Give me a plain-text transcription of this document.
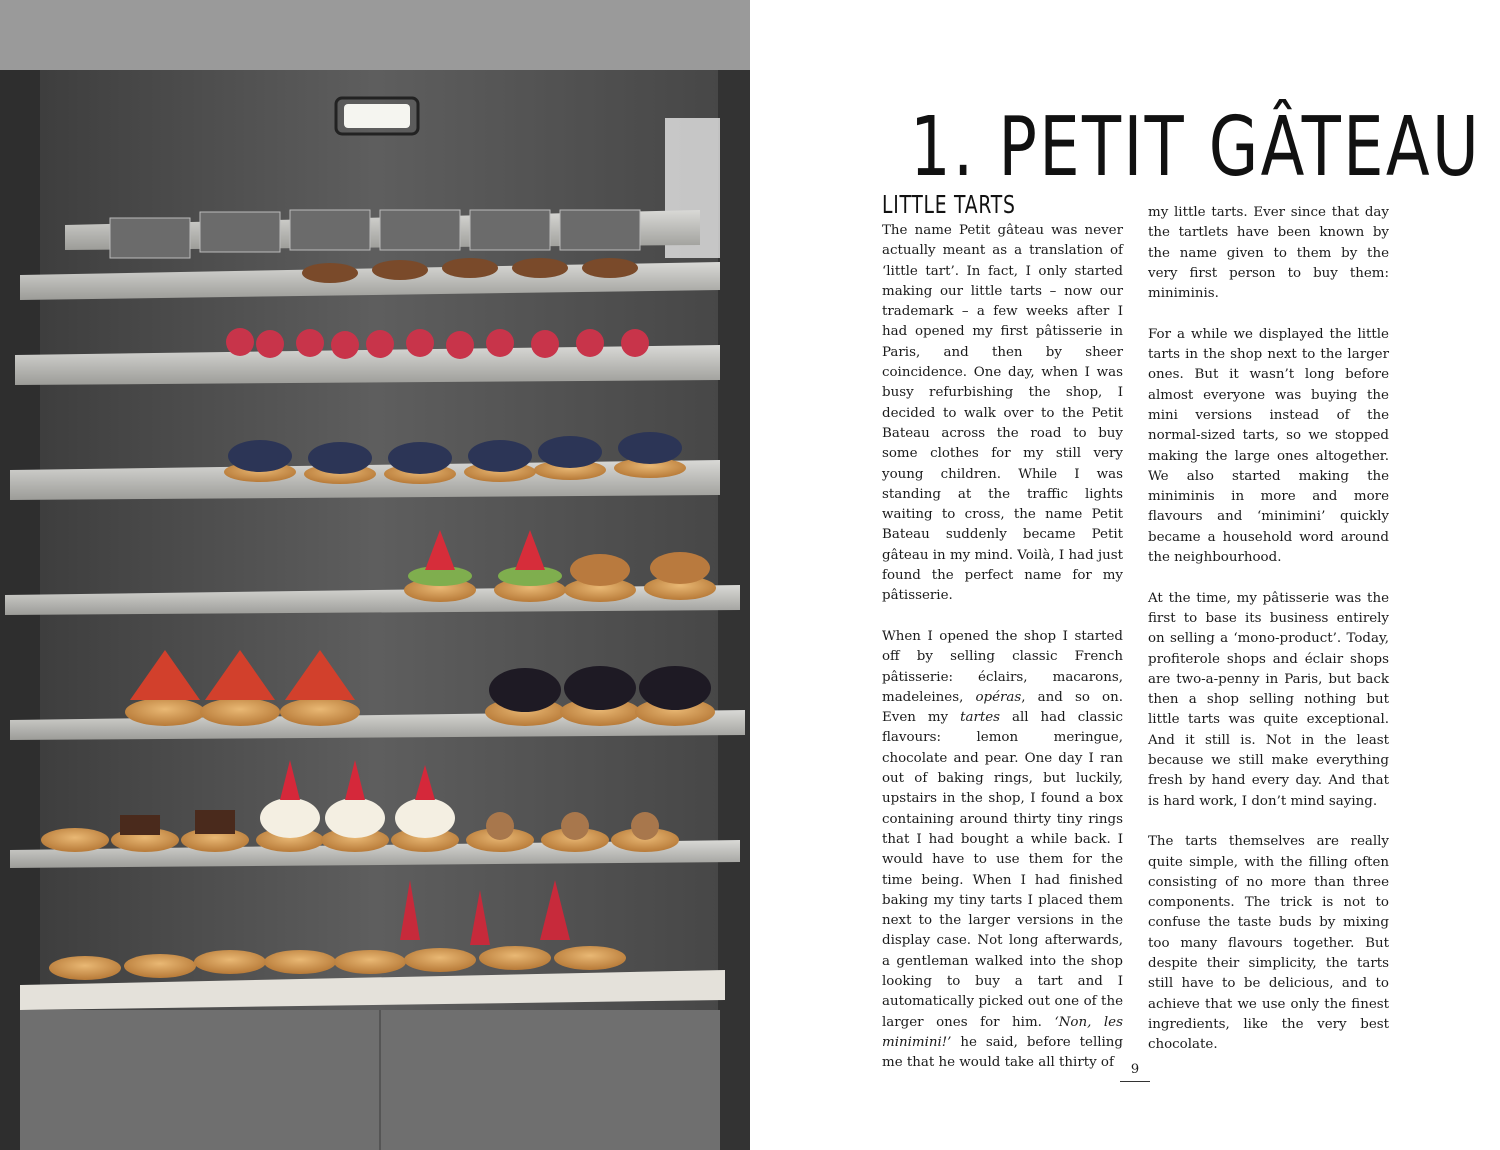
1. PETIT GÂTEAU
LITTLE TARTS

The name Petit gâteau was never actually meant as a translation of ‘little tart’. In fact, I only started making our little tarts – now our trademark – a few weeks after I had opened my first pâtisserie in Paris, and then by sheer coincidence. One day, when I was busy refurbishing the shop, I decided to walk over to the Petit Bateau across the road to buy some clothes for my still very young children. While I was standing at the traffic lights waiting to cross, the name Petit Bateau suddenly became Petit gâteau in my mind. Voilà, I had just found the perfect name for my pâtisserie.

When I opened the shop I started off by selling classic French pâtisserie: éclairs, macarons, madeleines, opéras, and so on. Even my tartes all had classic flavours: lemon meringue, chocolate and pear. One day I ran out of baking rings, but luckily, upstairs in the shop, I found a box containing around thirty tiny rings that I had bought a while back. I would have to use them for the time being. When I had finished baking my tiny tarts I placed them next to the larger versions in the display case. Not long afterwards, a gentleman walked into the shop looking to buy a tart and I automatically picked out one of the larger ones for him. ‘Non, les minimini!’ he said, before telling me that he would take all thirty of

my little tarts. Ever since that day the tartlets have been known by the name given to them by the very first person to buy them: miniminis.

For a while we displayed the little tarts in the shop next to the larger ones. But it wasn’t long before almost everyone was buying the mini versions instead of the normal-sized tarts, so we stopped making the large ones altogether. We also started making the miniminis in more and more flavours and ‘minimini’ quickly became a household word around the neighbourhood.

At the time, my pâtisserie was the first to base its business entirely on selling a ‘mono-product’. Today, profiterole shops and éclair shops are two-a-penny in Paris, but back then a shop selling nothing but little tarts was quite exceptional. And it still is. Not in the least because we still make everything fresh by hand every day. And that is hard work, I don’t mind saying.

The tarts themselves are really quite simple, with the filling often consisting of no more than three components. The trick is not to confuse the taste buds by mixing too many flavours together. But despite their simplicity, the tarts still have to be delicious, and to achieve that we use only the finest ingredients, like the very best chocolate.

9
